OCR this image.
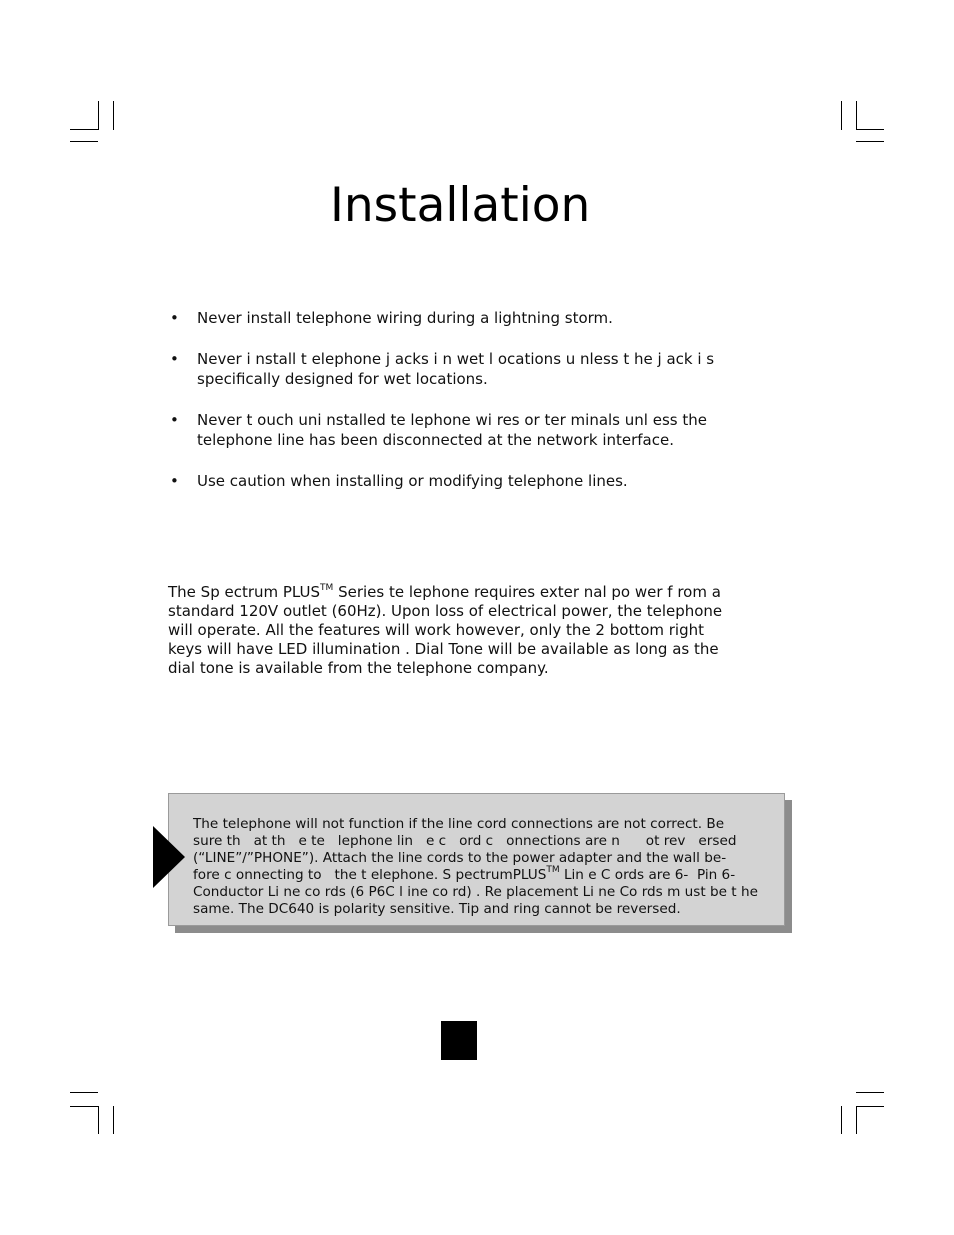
Installation
• Never install telephone wiring during a lightning storm.
• Never i nstall t elephone j acks i n wet l ocations u nless t he j ack i s
specifically designed for wet locations.
• Never t ouch uni nstalled te lephone wi res or ter minals unl ess the
telephone line has been disconnected at the network interface.
• Use caution when installing or modifying telephone lines.

The Sp ectrum PLUS™ Series te lephone requires exter nal po wer f rom a
standard 120V outlet (60Hz). Upon loss of electrical power, the telephone
will operate. All the features will work however, only the 2 bottom right
keys will have LED illumination . Dial Tone will be available as long as the
dial tone is available from the telephone company.

The telephone will not function if the line cord connections are not correct. Be
sure th   at th   e te   lephone lin   e c   ord c   onnections are n      ot rev   ersed
(“LINE”/”PHONE”). Attach the line cords to the power adapter and the wall be-
fore c onnecting to   the t elephone. S pectrumPLUS™ Lin e C ords are 6-  Pin 6-
Conductor Li ne co rds (6 P6C l ine co rd) . Re placement Li ne Co rds m ust be t he
same. The DC640 is polarity sensitive. Tip and ring cannot be reversed.
